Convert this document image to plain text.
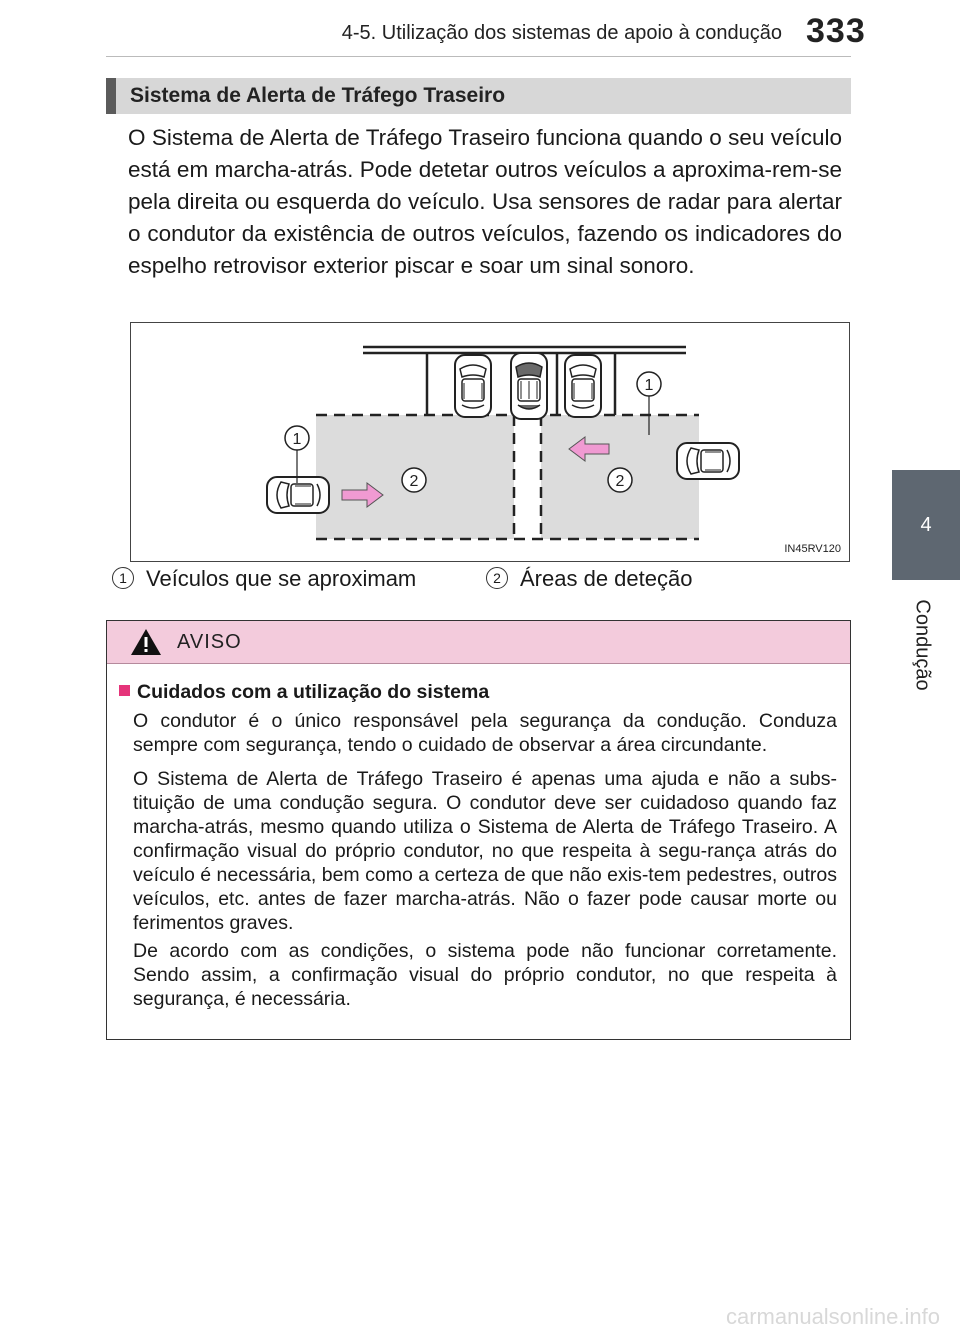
4-5. Utilização dos sistemas de apoio à condução 333
4
Condução
Sistema de Alerta de Tráfego Traseiro
O Sistema de Alerta de Tráfego Traseiro funciona quando o seu veículo está em marcha-atrás. Pode detetar outros veículos a aproxima-rem-se pela direita ou esquerda do veículo. Usa sensores de radar para alertar o condutor da existência de outros veículos, fazendo os indicadores do espelho retrovisor exterior piscar e soar um sinal sonoro.
1
1
2	2
IN45RV120
1 Veículos que se aproximam	2 Áreas de deteção
AVISO
Cuidados com a utilização do sistema
O condutor é o único responsável pela segurança da condução. Conduza sempre com segurança, tendo o cuidado de observar a área circundante.
O Sistema de Alerta de Tráfego Traseiro é apenas uma ajuda e não a subs-tituição de uma condução segura. O condutor deve ser cuidadoso quando faz marcha-atrás, mesmo quando utiliza o Sistema de Alerta de Tráfego Traseiro. A confirmação visual do próprio condutor, no que respeita à segu-rança atrás do veículo é necessária, bem como a certeza de que não exis-tem pedestres, outros veículos, etc. antes de fazer marcha-atrás. Não o fazer pode causar morte ou ferimentos graves.
De acordo com as condições, o sistema pode não funcionar corretamente. Sendo assim, a confirmação visual do próprio condutor, no que respeita à segurança, é necessária.
carmanualsonline.info
